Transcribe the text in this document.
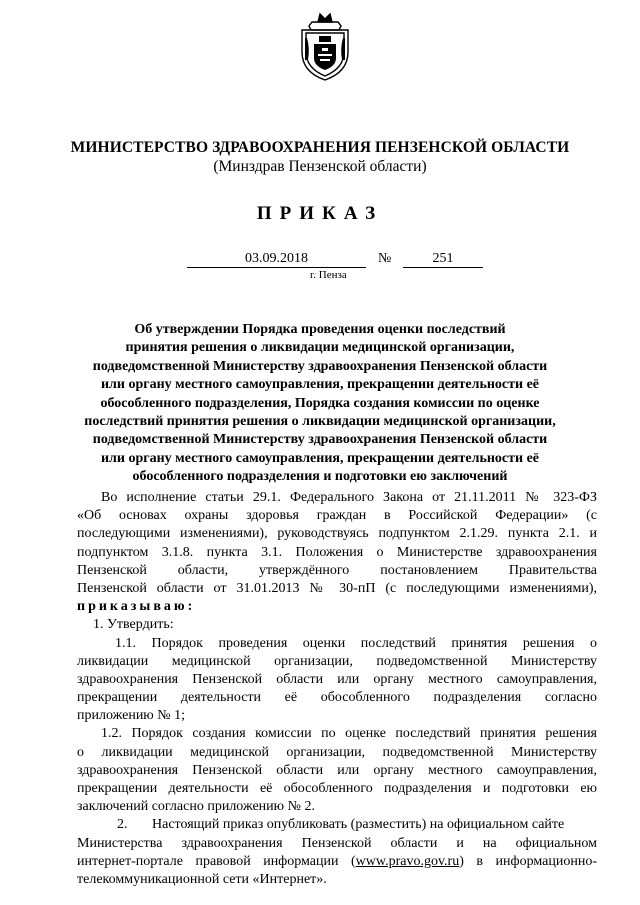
МИНИСТЕРСТВО ЗДРАВООХРАНЕНИЯ ПЕНЗЕНСКОЙ ОБЛАСТИ
(Минздрав Пензенской области)
ПРИКАЗ
03.09.2018	№	251
г. Пенза
Об утверждении Порядка проведения оценки последствий
принятия решения о ликвидации медицинской организации,
подведомственной Министерству здравоохранения Пензенской области
или органу местного самоуправления, прекращении деятельности её
обособленного подразделения, Порядка создания комиссии по оценке
последствий принятия решения о ликвидации медицинской организации,
подведомственной Министерству здравоохранения Пензенской области
или органу местного самоуправления, прекращении деятельности её
обособленного подразделения и подготовки ею заключений
Во исполнение статьи 29.1. Федерального Закона от 21.11.2011 № 323-ФЗ
«Об основах охраны здоровья граждан в Российской Федерации» (с
последующими изменениями), руководствуясь подпунктом 2.1.29. пункта 2.1. и
подпунктом 3.1.8. пункта 3.1. Положения о Министерстве здравоохранения
Пензенской области, утверждённого постановлением Правительства
Пензенской области от 31.01.2013 № 30-пП (с последующими изменениями),
приказываю:
1. Утвердить:
1.1. Порядок проведения оценки последствий принятия решения о
ликвидации медицинской организации, подведомственной Министерству
здравоохранения Пензенской области или органу местного самоуправления,
прекращении деятельности её обособленного подразделения согласно
приложению № 1;
1.2. Порядок создания комиссии по оценке последствий принятия решения
о ликвидации медицинской организации, подведомственной Министерству
здравоохранения Пензенской области или органу местного самоуправления,
прекращении деятельности её обособленного подразделения и подготовки ею
заключений согласно приложению № 2.
2. Настоящий приказ опубликовать (разместить) на официальном сайте
Министерства здравоохранения Пензенской области и на официальном
интернет-портале правовой информации (www.pravo.gov.ru) в информационно-
телекоммуникационной сети «Интернет».
